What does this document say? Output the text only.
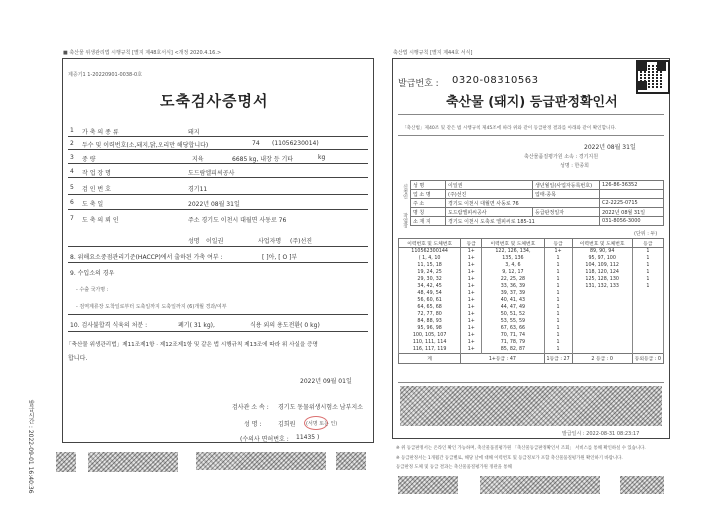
발급시간 : 2022-09-01 16:40:36
■ 축산물 위생관리법 시행규칙 [별지 제48호서식] <개정 2020.4.16.>
제증기1 1-20220901-0038-0호
도축검사증명서
1 가 축 의 종 류	돼지
2 두수 및 이력번호(소,돼지,닭,오리만 해당합니다)	74 (11056230014)
3 중 량	지육	6685 kg, 내장 등 기타	kg
4 작 업 장 명	도드람엘피씨공사
5 검 인 번 호	경기11
6 도 축 일	2022년 08월 31일
7 도 축 의 뢰 인	주소 경기도 이천시 대월면 사동로 76
성명 이일권	사업자명 (주)선진
8. 위해요소중점관리기준(HACCP)에서 출하된 가축 여부 :	[ ]아, [ O ]부
9. 수입소의 경우
- 수출 국가명 :
- 검역계류장 도착일로부터 도축일까지 도축일까지 (6)개월 경과/여부
10. 검사불합격 식육의 처분 :	폐기( 31 kg),	식용 외의 용도전환( 0 kg)
「축산물 위생관리법」제11조제1항 · 제12조제1항 및 같은 법 시행규칙 제13조에 따라 위 사실을 증명
합니다.
2022년 09월 01일
검사관 소 속 : 경기도 동물위생시험소 남부지소
성 명 :	김희원 (서명 또는 인)
(수의사 면허번호 : 11435 )
축산법 시행규칙 [별지 제44호 서식]
발급번호 : 0320-08310563
축산물 (돼지) 등급판정확인서
「축산법」제40조 및 같은 법 시행규칙 제45조에 따라 위와 같이 등급판정 결과를 아래와 같이 확인합니다.
2022년 08월 31일
축산물품질평가원 소속 : 경기지원
성명 : 한종희
신청인
작업장
성 명	이일권	생년월일(사업자등록번호)	126-86-36352
업 소 명	(주)선진	업태·종목	
주 소	경기도 이천시 대월면 사동로 76		C2-2225-0715
명 칭	도드람엘피씨공사	등급판정일자	2022년 08월 31일
소 재 지	경기도 이천시 도축로 엘피씨로 185-11		031-8056-3000
(단위 : 두)
이력번호 및 도체번호	등급	이력번호 및 도체번호	등급	이력번호 및 도체번호	등급
110562300144	1+	122, 126, 134,	1+	89, 90, 94	1
( 1, 4, 10	1+	135, 136	1	95, 97, 100	1
11, 15, 18	1+	3, 4, 6	1	104, 109, 112	1
19, 24, 25	1+	9, 12, 17	1	118, 120, 124	1
29, 30, 32	1+	22, 25, 28	1	125, 128, 130	1
34, 42, 45	1+	33, 36, 39	1	131, 132, 133	1
48, 49, 54	1+	39, 37, 39	1		
56, 60, 61	1+	40, 41, 43	1		
64, 65, 68	1+	44, 47, 49	1		
72, 77, 80	1+	50, 51, 52	1		
84, 88, 93	1+	53, 55, 59	1		
95, 96, 98	1+	67, 63, 66	1		
100, 105, 107	1+	70, 71, 74	1		
110, 111, 114	1+	71, 78, 79	1		
116, 117, 119	1+	85, 82, 87	1		
계	1+등급 : 47		1등급 : 27	2 등급 : 0	등외등급 : 0
발급일시 : 2022-08-31 08:23:17
※ 위 등급판정서는 온라인 확인 가능하며, 축산물품질평가원 「축산물등급판정확인서 조회」 서비스를 통해 확인하실 수 있습니다.
※ 등급판정서는 1개월간 등급별로, 해당 날에 대해 이력번호 및 등급정보가 포함 축산물품질평가원 확인하기 바랍니다.
등급판정 도체 및 등급 결과는 축산물품질평가원 정관을 통해
